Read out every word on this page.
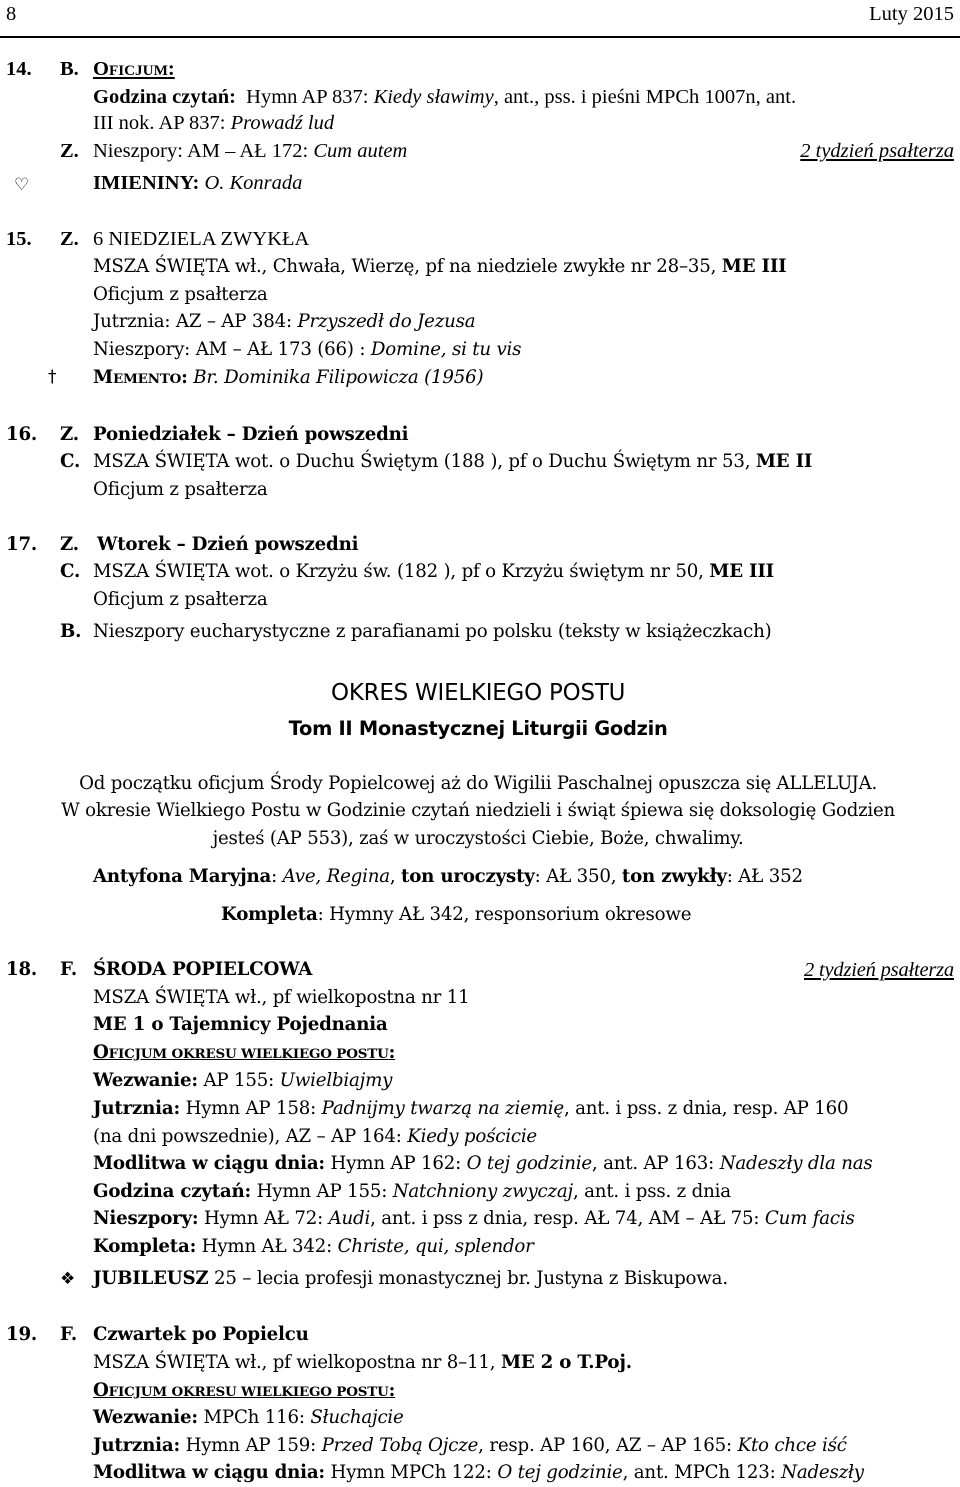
8	Luty 2015
14. B. OFICJUM:
Godzina czytań: Hymn AP 837: Kiedy sławimy, ant., pss. i pieśni MPCh 1007n, ant.
III nok. AP 837: Prowadź lud
Z. Nieszpory: AM – AŁ 172: Cum autem	2 tydzień psałterza
♡	IMIENINY: O. Konrada
15. Z. 6 NIEDZIELA ZWYKŁA
MSZA ŚWIĘTA wł., Chwała, Wierzę, pf na niedziele zwykłe nr 28–35, ME III
Oficjum z psałterza
Jutrznia: AZ – AP 384: Przyszedł do Jezusa
Nieszpory: AM – AŁ 173 (66) : Domine, si tu vis
† MEMENTO: Br. Dominika Filipowicza (1956)
16. Z. Poniedziałek – Dzień powszedni
C. MSZA ŚWIĘTA wot. o Duchu Świętym (188 ), pf o Duchu Świętym nr 53, ME II
Oficjum z psałterza
17. Z. Wtorek – Dzień powszedni
C. MSZA ŚWIĘTA wot. o Krzyżu św. (182 ), pf o Krzyżu świętym nr 50, ME III
Oficjum z psałterza
B. Nieszpory eucharystyczne z parafianami po polsku (teksty w książeczkach)
OKRES WIELKIEGO POSTU
Tom II Monastycznej Liturgii Godzin
Od początku oficjum Środy Popielcowej aż do Wigilii Paschalnej opuszcza się ALLELUJA.
W okresie Wielkiego Postu w Godzinie czytań niedzieli i świąt śpiewa się doksologię Godzien
jesteś (AP 553), zaś w uroczystości Ciebie, Boże, chwalimy.
Antyfona Maryjna: Ave, Regina, ton uroczysty: AŁ 350, ton zwykły: AŁ 352
Kompleta: Hymny AŁ 342, responsorium okresowe
18. F. ŚRODA POPIELCOWA	2 tydzień psałterza
MSZA ŚWIĘTA wł., pf wielkopostna nr 11
ME 1 o Tajemnicy Pojednania
OFICJUM OKRESU WIELKIEGO POSTU:
Wezwanie: AP 155: Uwielbiajmy
Jutrznia: Hymn AP 158: Padnijmy twarzą na ziemię, ant. i pss. z dnia, resp. AP 160
(na dni powszednie), AZ – AP 164: Kiedy pościcie
Modlitwa w ciągu dnia: Hymn AP 162: O tej godzinie, ant. AP 163: Nadeszły dla nas
Godzina czytań: Hymn AP 155: Natchniony zwyczaj, ant. i pss. z dnia
Nieszpory: Hymn AŁ 72: Audi, ant. i pss z dnia, resp. AŁ 74, AM – AŁ 75: Cum facis
Kompleta: Hymn AŁ 342: Christe, qui, splendor
❖ JUBILEUSZ 25 – lecia profesji monastycznej br. Justyna z Biskupowa.
19. F. Czwartek po Popielcu
MSZA ŚWIĘTA wł., pf wielkopostna nr 8–11, ME 2 o T.Poj.
OFICJUM OKRESU WIELKIEGO POSTU:
Wezwanie: MPCh 116: Słuchajcie
Jutrznia: Hymn AP 159: Przed Tobą Ojcze, resp. AP 160, AZ – AP 165: Kto chce iść
Modlitwa w ciągu dnia: Hymn MPCh 122: O tej godzinie, ant. MPCh 123: Nadeszły
